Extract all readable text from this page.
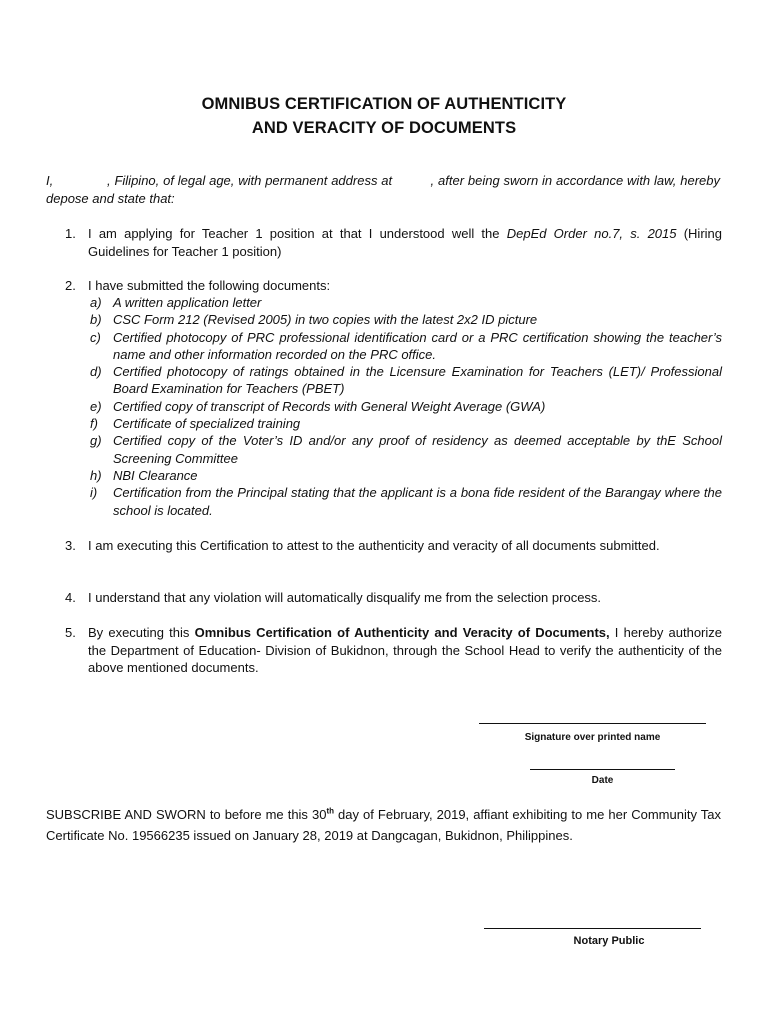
OMNIBUS CERTIFICATION OF AUTHENTICITY
AND VERACITY OF DOCUMENTS
I,              , Filipino, of legal age, with permanent address at          , after being sworn in accordance with law, hereby depose and state that:
1. I am applying for Teacher 1 position at that I understood well the DepEd Order no.7, s. 2015 (Hiring Guidelines for Teacher 1 position)
2. I have submitted the following documents:
a) A written application letter
b) CSC Form 212 (Revised 2005) in two copies with the latest 2x2 ID picture
c) Certified photocopy of PRC professional identification card or a PRC certification showing the teacher’s name and other information recorded on the PRC office.
d) Certified photocopy of ratings obtained in the Licensure Examination for Teachers (LET)/ Professional Board Examination for Teachers (PBET)
e) Certified copy of transcript of Records with General Weight Average (GWA)
f) Certificate of specialized training
g) Certified copy of the Voter’s ID and/or any proof of residency as deemed acceptable by thE School Screening Committee
h) NBI Clearance
i) Certification from the Principal stating that the applicant is a bona fide resident of the Barangay where the school is located.
3. I am executing this Certification to attest to the authenticity and veracity of all documents submitted.
4. I understand that any violation will automatically disqualify me from the selection process.
5. By executing this Omnibus Certification of Authenticity and Veracity of Documents, I hereby authorize the Department of Education- Division of Bukidnon, through the School Head to verify the authenticity of the above mentioned documents.
Signature over printed name
Date
SUBSCRIBE AND SWORN to before me this 30th day of February, 2019, affiant exhibiting to me her Community Tax Certificate No. 19566235 issued on January 28, 2019 at Dangcagan, Bukidnon, Philippines.
Notary Public
